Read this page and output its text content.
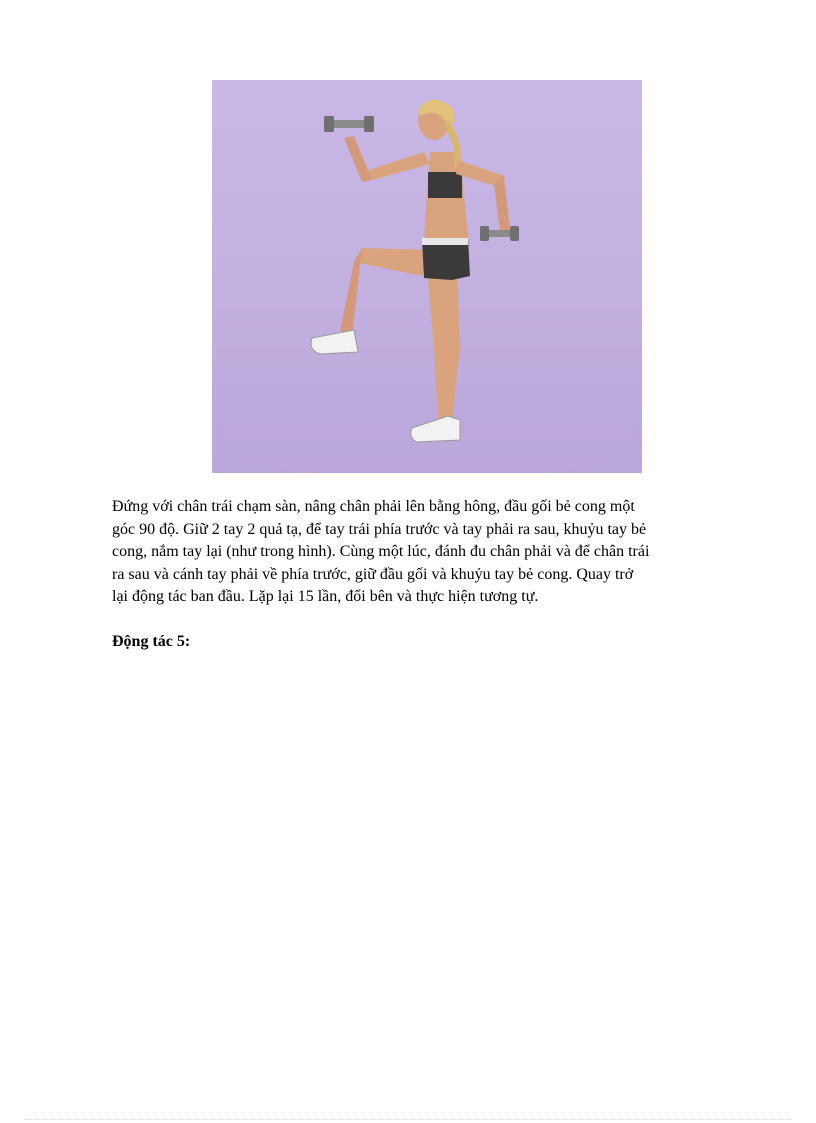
Đứng với chân trái chạm sàn, nâng chân phải lên bằng hông, đầu gối bẻ cong một
góc 90 độ. Giữ 2 tay 2 quả tạ, để tay trái phía trước và tay phải ra sau, khuỷu tay bẻ
cong, nắm tay lại (như trong hình). Cùng một lúc, đánh đu chân phải và để chân trái
ra sau và cánh tay phải về phía trước, giữ đầu gối và khuỷu tay bẻ cong. Quay trở
lại động tác ban đầu. Lặp lại 15 lần, đổi bên và thực hiện tương tự.

Động tác 5:
